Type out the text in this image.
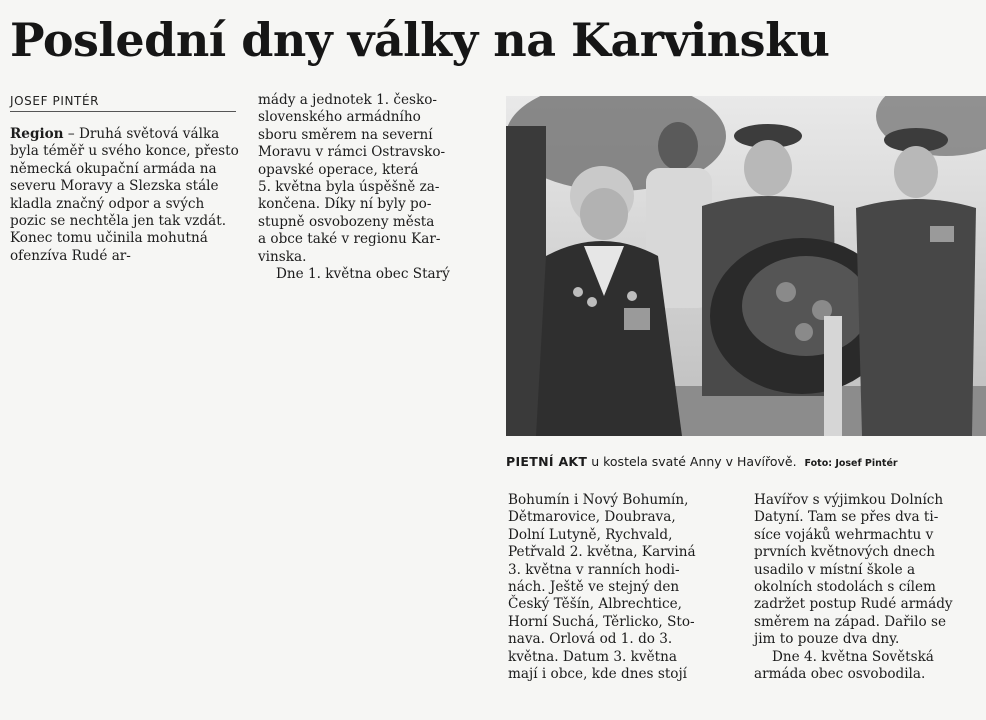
Poslední dny války na Karvinsku
JOSEF PINTÉR

Region – Druhá světová válka byla téměř u svého konce, přesto německá okupační armáda na severu Moravy a Slezska stále kladla značný odpor a svých pozic se nechtěla jen tak vzdát. Konec tomu učinila mohutná ofenzíva Rudé ar-

mády a jednotek 1. česko-
slovenského armádního
sboru směrem na severní
Moravu v rámci Ostravsko-
opavské operace, která
5. května byla úspěšně za-
končena. Díky ní byly po-
stupně osvobozeny města
a obce také v regionu Kar-
vinska.

Dne 1. května obec Starý

PIETNÍ AKT u kostela svaté Anny v Havířově. Foto: Josef Pintér

Bohumín i Nový Bohumín,
Dětmarovice, Doubrava,
Dolní Lutyně, Rychvald,
Petřvald 2. května, Karviná
3. května v ranních hodi-
nách. Ještě ve stejný den
Český Těšín, Albrechtice,
Horní Suchá, Těrlicko, Sto-
nava. Orlová od 1. do 3.
května. Datum 3. května
mají i obce, kde dnes stojí

Havířov s výjimkou Dolních
Datyní. Tam se přes dva ti-
síce vojáků wehrmachtu v
prvních květnových dnech
usadilo v místní škole a
okolních stodolách s cílem
zadržet postup Rudé armády
směrem na západ. Dařilo se
jim to pouze dva dny.

Dne 4. května Sovětská
armáda obec osvobodila.
